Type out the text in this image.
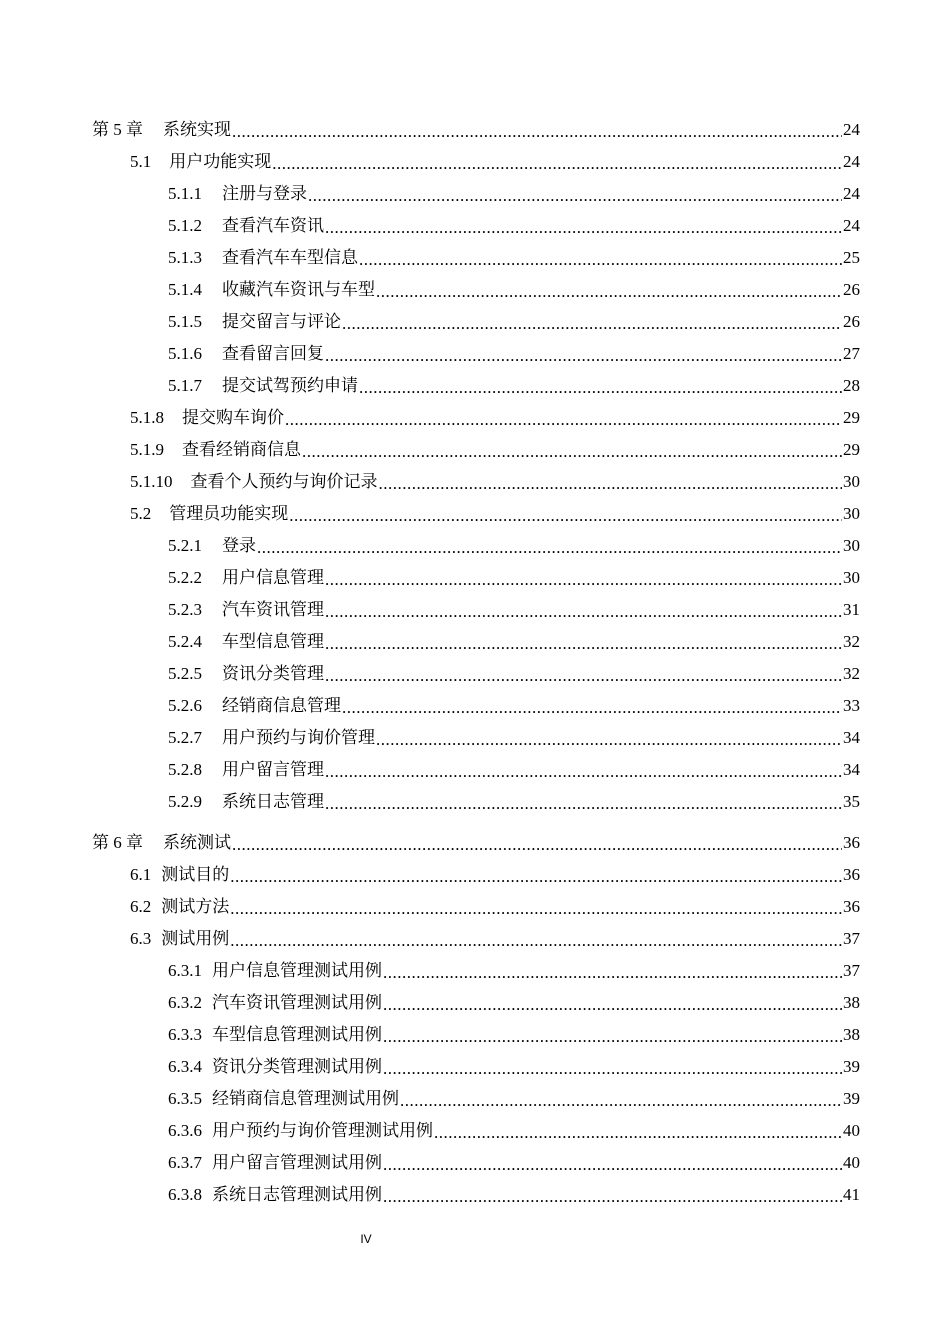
第 5 章 系统实现 .....	24
5.1 用户功能实现 .....	24
5.1.1 注册与登录 .....	24
5.1.2 查看汽车资讯 .....	24
5.1.3 查看汽车车型信息 .....	25
5.1.4 收藏汽车资讯与车型 .....	26
5.1.5 提交留言与评论 .....	26
5.1.6 查看留言回复 .....	27
5.1.7 提交试驾预约申请 .....	28
5.1.8 提交购车询价 .....	29
5.1.9 查看经销商信息 .....	29
5.1.10 查看个人预约与询价记录 .....	30
5.2 管理员功能实现 .....	30
5.2.1 登录 .....	30
5.2.2 用户信息管理 .....	30
5.2.3 汽车资讯管理 .....	31
5.2.4 车型信息管理 .....	32
5.2.5 资讯分类管理 .....	32
5.2.6 经销商信息管理 .....	33
5.2.7 用户预约与询价管理 .....	34
5.2.8 用户留言管理 .....	34
5.2.9 系统日志管理 .....	35
第 6 章 系统测试 .....	36
6.1 测试目的 .....	36
6.2 测试方法 .....	36
6.3 测试用例 .....	37
6.3.1 用户信息管理测试用例 .....	37
6.3.2 汽车资讯管理测试用例 .....	38
6.3.3 车型信息管理测试用例 .....	38
6.3.4 资讯分类管理测试用例 .....	39
6.3.5 经销商信息管理测试用例 .....	39
6.3.6 用户预约与询价管理测试用例 .....	40
6.3.7 用户留言管理测试用例 .....	40
6.3.8 系统日志管理测试用例 .....	41
IV
